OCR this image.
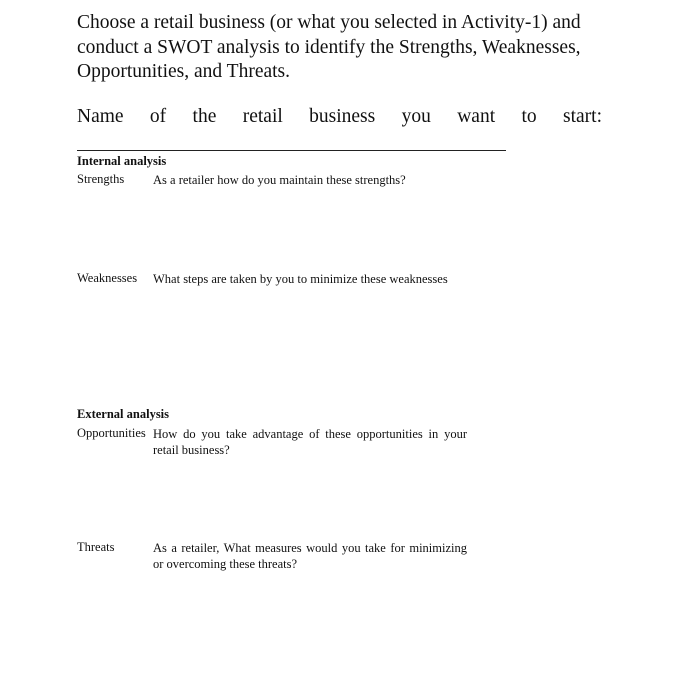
Choose a retail business (or what you selected in Activity-1) and conduct a SWOT analysis to identify the Strengths, Weaknesses, Opportunities, and Threats.

Name of the retail business you want to start:
Internal analysis
Strengths As a retailer how do you maintain these strengths?
Weaknesses What steps are taken by you to minimize these weaknesses
External analysis
Opportunities How do you take advantage of these opportunities in your retail business?
Threats	As a retailer, What measures would you take for minimizing or overcoming these threats?
